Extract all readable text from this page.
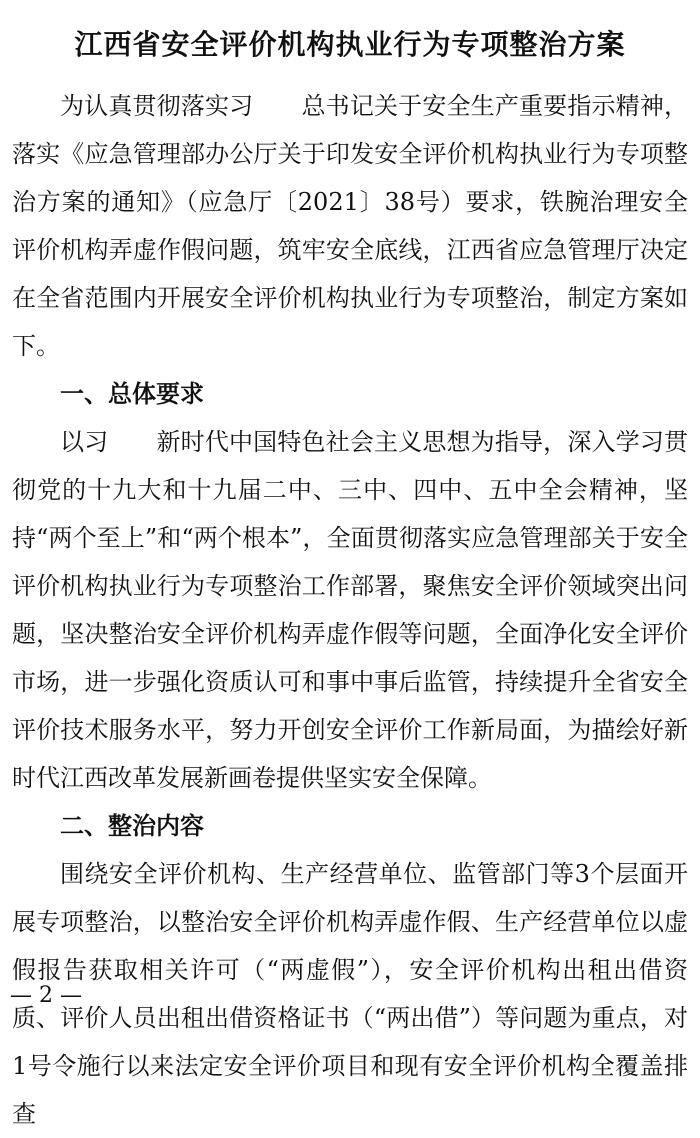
江西省安全评价机构执业行为专项整治方案

为认真贯彻落实习 总书记关于安全生产重要指示精神，落实《应急管理部办公厅关于印发安全评价机构执业行为专项整治方案的通知》（应急厅〔2021〕38号）要求，铁腕治理安全评价机构弄虚作假问题，筑牢安全底线，江西省应急管理厅决定在全省范围内开展安全评价机构执业行为专项整治，制定方案如下。

一、总体要求

以习 新时代中国特色社会主义思想为指导，深入学习贯彻党的十九大和十九届二中、三中、四中、五中全会精神，坚持“两个至上”和“两个根本”，全面贯彻落实应急管理部关于安全评价机构执业行为专项整治工作部署，聚焦安全评价领域突出问题，坚决整治安全评价机构弄虚作假等问题，全面净化安全评价市场，进一步强化资质认可和事中事后监管，持续提升全省安全评价技术服务水平，努力开创安全评价工作新局面，为描绘好新时代江西改革发展新画卷提供坚实安全保障。

二、整治内容

围绕安全评价机构、生产经营单位、监管部门等3个层面开展专项整治，以整治安全评价机构弄虚作假、生产经营单位以虚假报告获取相关许可（“两虚假”），安全评价机构出租出借资质、评价人员出租出借资格证书（“两出借”）等问题为重点，对1号令施行以来法定安全评价项目和现有安全评价机构全覆盖排查

— 2 —
